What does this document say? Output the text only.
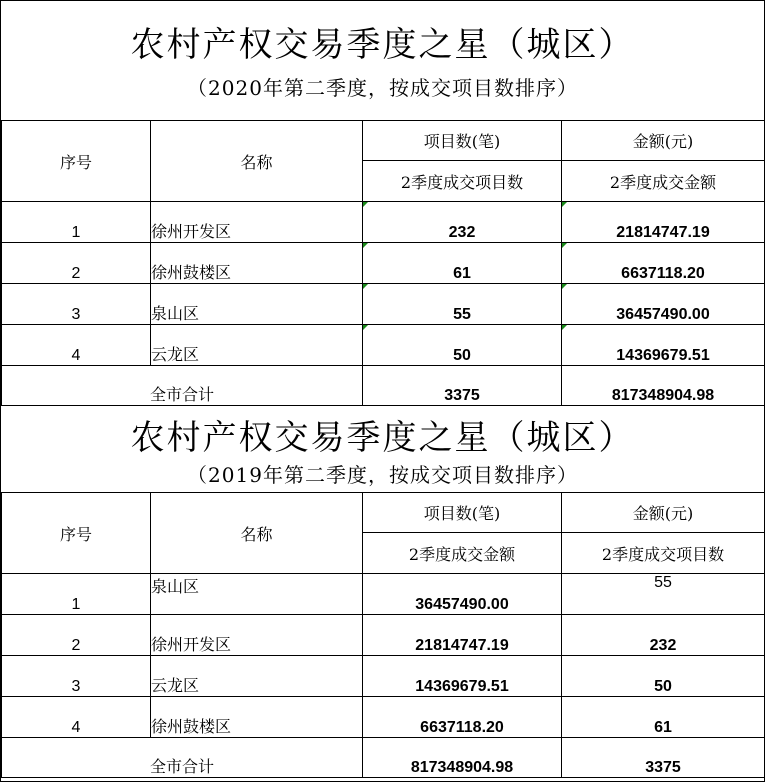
农村产权交易季度之星（城区）
（2020年第二季度，按成交项目数排序）
序号	名称	项目数(笔)	金额(元)
		2季度成交项目数	2季度成交金额
1	徐州开发区	232	21814747.19
2	徐州鼓楼区	61	6637118.20
3	泉山区	55	36457490.00
4	云龙区	50	14369679.51
全市合计		3375	817348904.98
农村产权交易季度之星（城区）
（2019年第二季度，按成交项目数排序）
序号	名称	项目数(笔)	金额(元)
		2季度成交金额	2季度成交项目数
1	泉山区	36457490.00	55
2	徐州开发区	21814747.19	232
3	云龙区	14369679.51	50
4	徐州鼓楼区	6637118.20	61
全市合计		817348904.98	3375
